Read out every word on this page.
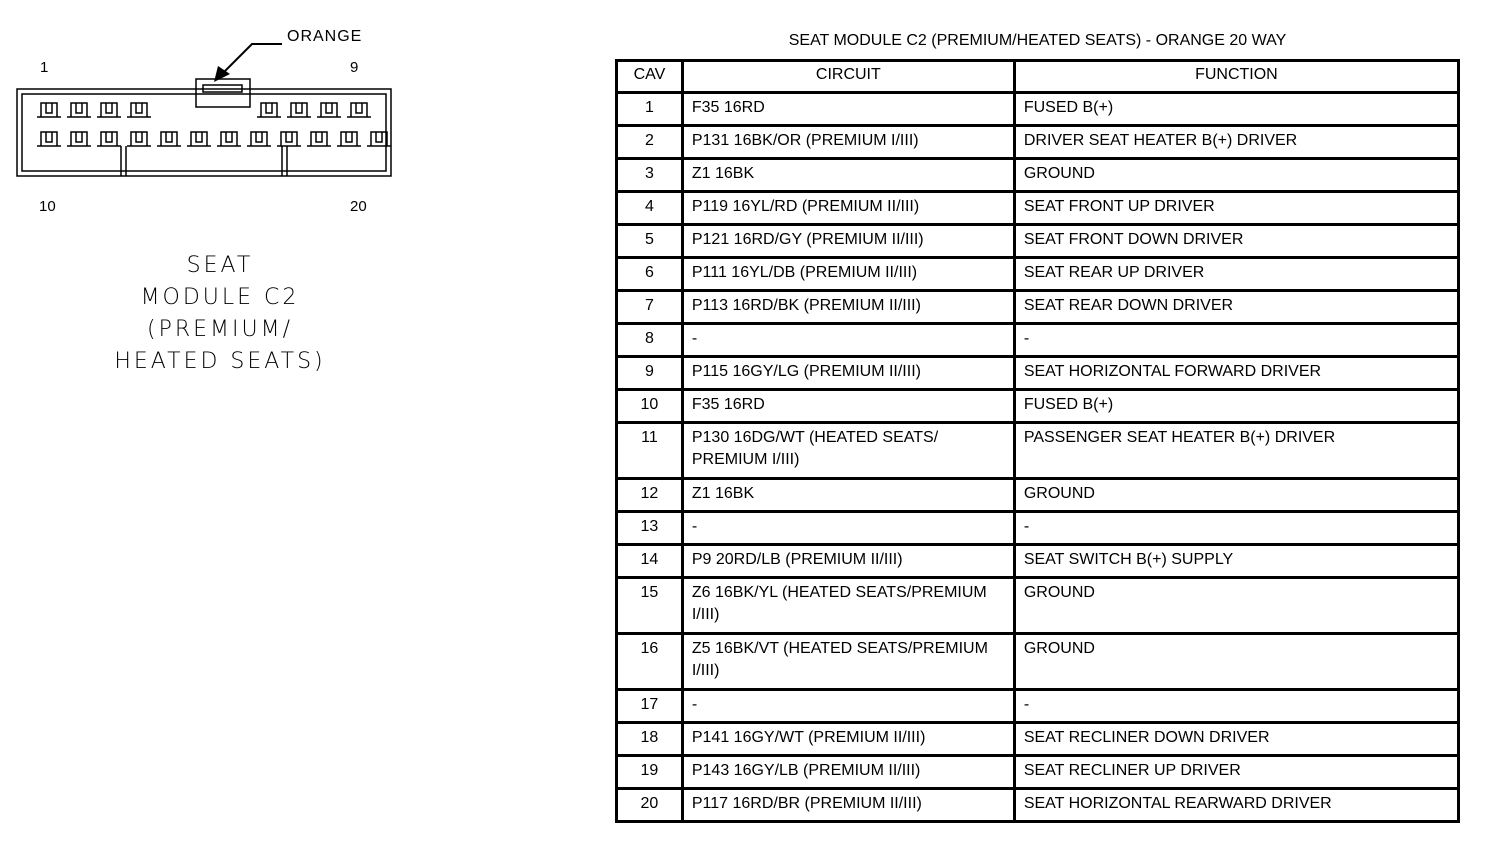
ORANGE
1	9
10	20
SEAT
MODULE C2
(PREMIUM/
HEATED SEATS)
SEAT MODULE C2 (PREMIUM/HEATED SEATS) - ORANGE 20 WAY
CAV	CIRCUIT	FUNCTION
1	F35 16RD	FUSED B(+)
2	P131 16BK/OR (PREMIUM I/III)	DRIVER SEAT HEATER B(+) DRIVER
3	Z1 16BK	GROUND
4	P119 16YL/RD (PREMIUM II/III)	SEAT FRONT UP DRIVER
5	P121 16RD/GY (PREMIUM II/III)	SEAT FRONT DOWN DRIVER
6	P111 16YL/DB (PREMIUM II/III)	SEAT REAR UP DRIVER
7	P113 16RD/BK (PREMIUM II/III)	SEAT REAR DOWN DRIVER
8	-	-
9	P115 16GY/LG (PREMIUM II/III)	SEAT HORIZONTAL FORWARD DRIVER
10	F35 16RD	FUSED B(+)
11	P130 16DG/WT (HEATED SEATS/ PREMIUM I/III)	PASSENGER SEAT HEATER B(+) DRIVER
12	Z1 16BK	GROUND
13	-	-
14	P9 20RD/LB (PREMIUM II/III)	SEAT SWITCH B(+) SUPPLY
15	Z6 16BK/YL (HEATED SEATS/PREMIUM I/III)	GROUND
16	Z5 16BK/VT (HEATED SEATS/PREMIUM I/III)	GROUND
17	-	-
18	P141 16GY/WT (PREMIUM II/III)	SEAT RECLINER DOWN DRIVER
19	P143 16GY/LB (PREMIUM II/III)	SEAT RECLINER UP DRIVER
20	P117 16RD/BR (PREMIUM II/III)	SEAT HORIZONTAL REARWARD DRIVER
